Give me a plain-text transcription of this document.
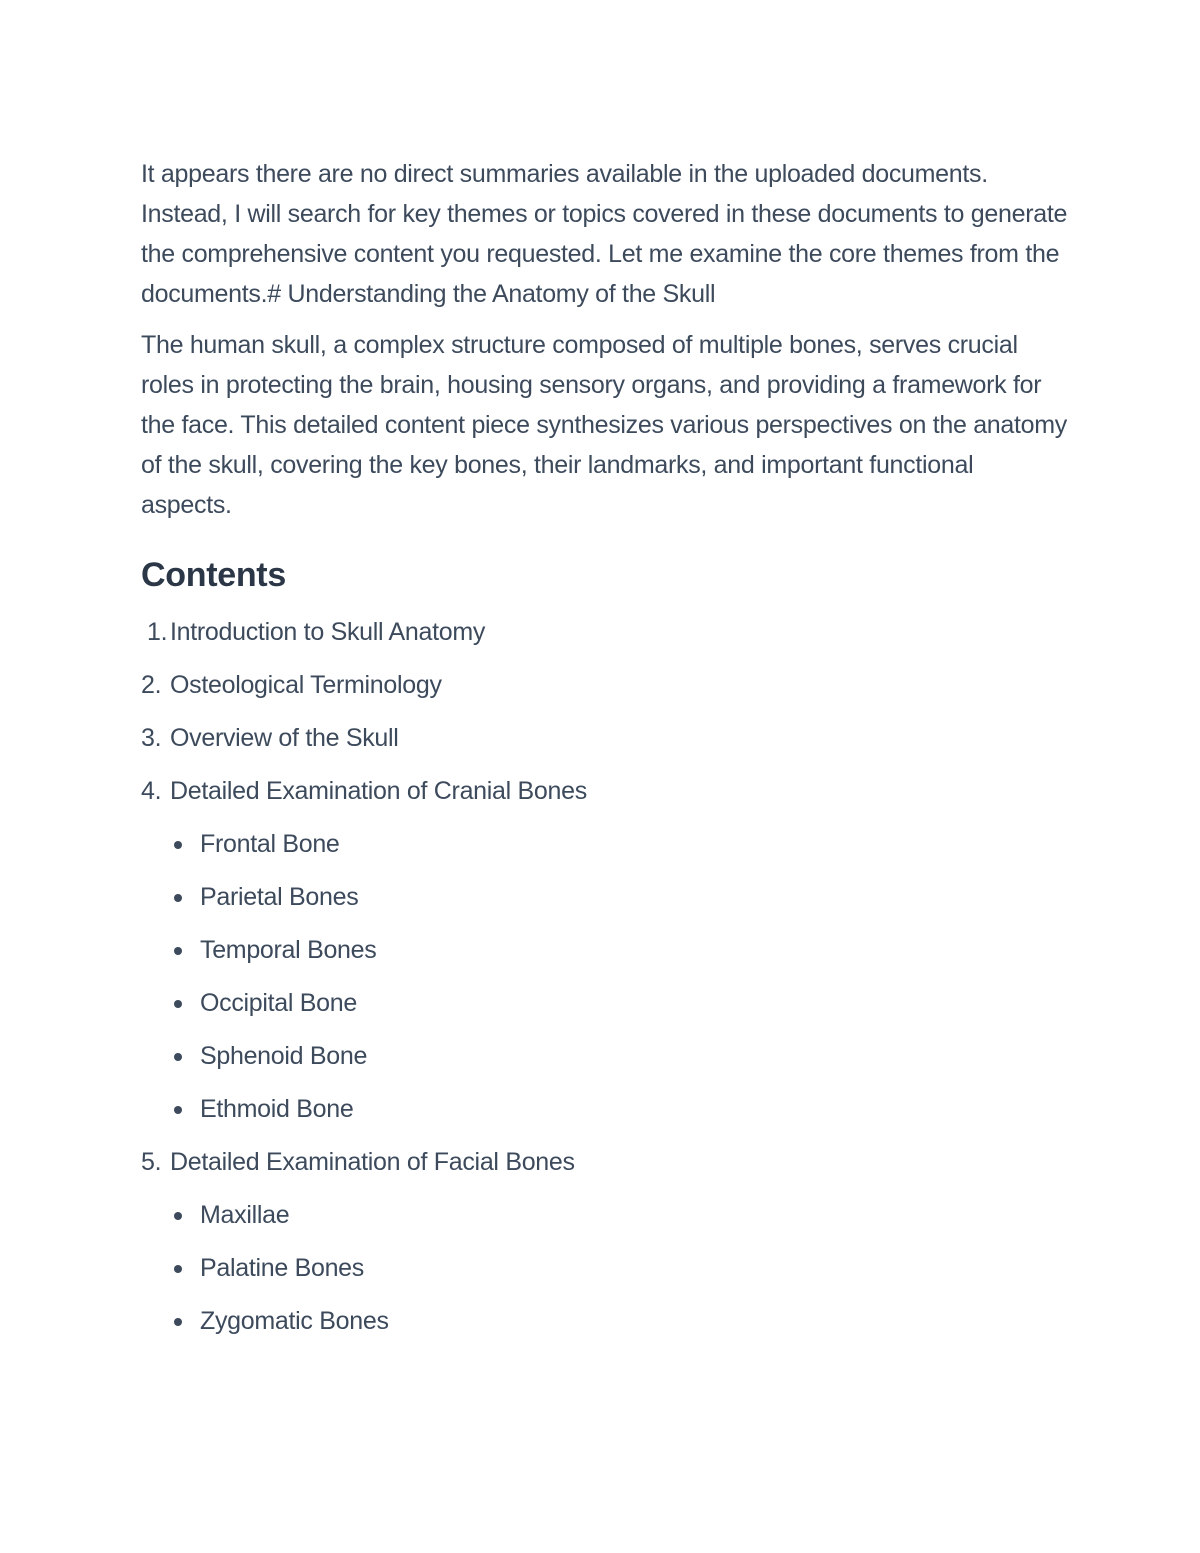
It appears there are no direct summaries available in the uploaded documents. Instead, I will search for key themes or topics covered in these documents to generate the comprehensive content you requested. Let me examine the core themes from the documents.# Understanding the Anatomy of the Skull

The human skull, a complex structure composed of multiple bones, serves crucial roles in protecting the brain, housing sensory organs, and providing a framework for the face. This detailed content piece synthesizes various perspectives on the anatomy of the skull, covering the key bones, their landmarks, and important functional aspects.

Contents
1. Introduction to Skull Anatomy
2. Osteological Terminology
3. Overview of the Skull
4. Detailed Examination of Cranial Bones
Frontal Bone
Parietal Bones
Temporal Bones
Occipital Bone
Sphenoid Bone
Ethmoid Bone
5. Detailed Examination of Facial Bones
Maxillae
Palatine Bones
Zygomatic Bones
